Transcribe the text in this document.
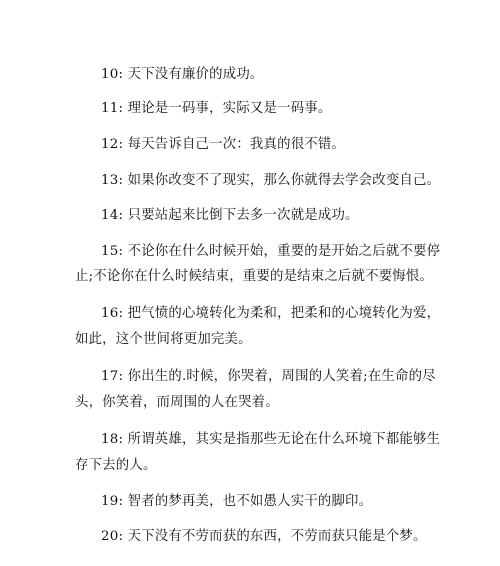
10: 天下没有廉价的成功。
11: 理论是一码事，实际又是一码事。
12: 每天告诉自己一次：我真的很不错。
13: 如果你改变不了现实，那么你就得去学会改变自己。
14: 只要站起来比倒下去多一次就是成功。
15: 不论你在什么时候开始，重要的是开始之后就不要停
止;不论你在什么时候结束，重要的是结束之后就不要悔恨。
16: 把气愤的心境转化为柔和，把柔和的心境转化为爱，
如此，这个世间将更加完美。
17: 你出生的.时候，你哭着，周围的人笑着;在生命的尽
头，你笑着，而周围的人在哭着。
18: 所谓英雄，其实是指那些无论在什么环境下都能够生
存下去的人。
19: 智者的梦再美，也不如愚人实干的脚印。
20: 天下没有不劳而获的东西，不劳而获只能是个梦。
